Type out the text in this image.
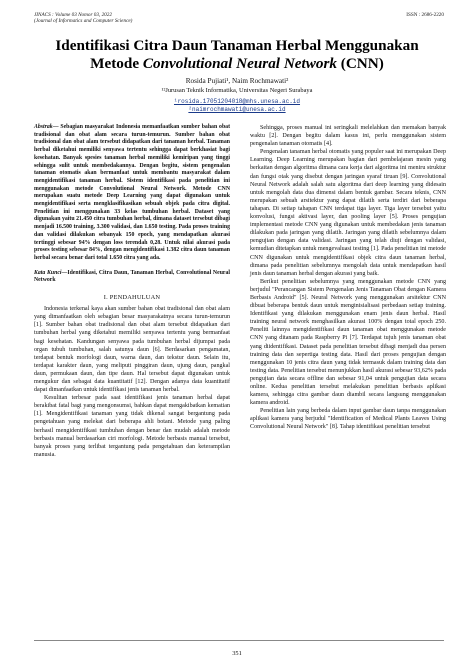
JINACS : Volume 03 Nomor 03, 2022
(Journal of Informatics and Computer Science)
ISSN : 2686-2220
Identifikasi Citra Daun Tanaman Herbal Menggunakan
Metode Convolutional Neural Network (CNN)
Rosida Pujiati¹, Naim Rochmawati²
¹²Jurusan Teknik Informatika, Universitas Negeri Surabaya
¹rosida.17051204018@mhs.unesa.ac.id
²naimrochmawati@unesa.ac.id
Abstrak— Sebagian masyarakat Indonesia memanfaatkan sumber bahan obat tradisional dan obat alam secara turun-temurun. Sumber bahan obat tradisional dan obat alam tersebut didapatkan dari tanaman herbal. Tanaman herbal diketahui memiliki senyawa tertentu sehingga dapat berkhasiat bagi kesehatan. Banyak spesies tanaman herbal memiliki kemiripan yang tinggi sehingga sulit untuk membedakannya. Dengan begitu, sistem pengenalan tanaman otomatis akan bermanfaat untuk membantu masyarakat dalam mengidentifikasi tanaman herbal. Sistem identifikasi pada penelitian ini menggunakan metode Convolutional Neural Network. Metode CNN merupakan suatu metode Deep Learning yang dapat digunakan untuk mengidentifikasi serta mengklasifikasikan sebuah objek pada citra digital. Penelitian ini menggunakan 33 kelas tumbuhan herbal. Dataset yang digunakan yaitu 21.450 citra tumbuhan herbal, dimana dataset tersebut dibagi menjadi 16.500 training, 3.300 validasi, dan 1.650 testing. Pada proses training dan validasi dilakukan sebanyak 150 epoch, yang mendapatkan akurasi tertinggi sebesar 94% dengan loss terendah 0,28. Untuk nilai akurasi pada proses testing sebesar 84%, dengan mengidentifikasi 1.382 citra daun tanaman herbal secara benar dari total 1.650 citra yang ada.
Kata Kunci—Identifikasi, Citra Daun, Tanaman Herbal, Convolutional Neural Network
I. PENDAHULUAN

Indonesia terkenal kaya akan sumber bahan obat tradisional dan obat alam yang dimanfaatkan oleh sebagian besar masyarakatnya secara turun-temurun [1]. Sumber bahan obat tradisional dan obat alam tersebut didapatkan dari tumbuhan herbal yang diketahui memiliki senyawa tertentu yang bermanfaat bagi kesehatan. Kandungan senyawa pada tumbuhan herbal dijumpai pada organ tubuh tumbuhan, salah satunya daun [6]. Berdasarkan pengamatan, terdapat bentuk morfologi daun, warna daun, dan tekstur daun. Selain itu, terdapat karakter daun, yang meliputi pinggiran daun, ujung daun, pangkal daun, permukaan daun, dan tipe daun. Hal tersebut dapat digunakan untuk mengukur dan sebagai data kuantitatif [12]. Dengan adanya data kuantitatif dapat dimanfaatkan untuk identifikasi jenis tanaman herbal.

Kesulitan terbesar pada saat identifikasi jenis tanaman herbal dapat berakibat fatal bagi yang mengonsumsi, bahkan dapat mengakibatkan kematian [1]. Mengidentifikasi tanaman yang tidak dikenal sangat bergantung pada pengetahuan yang melekat dari beberapa ahli botani. Metode yang paling berhasil mengidentifikasi tumbuhan dengan benar dan mudah adalah metode berbasis manual berdasarkan ciri morfologi. Metode berbasis manual tersebut, banyak proses yang terlibat tergantung pada pengetahuan dan keterampilan manusia.

Sehingga, proses manual ini seringkali melelahkan dan memakan banyak waktu [2]. Dengan begitu dalam kasus ini, perlu menggunakan sistem pengenalan tanaman otomatis [4].

Pengenalan tanaman herbal otomatis yang populer saat ini merupakan Deep Learning. Deep Learning merupakan bagian dari pembelajaran mesin yang berkaitan dengan algoritma dimana cara kerja dari algoritma ini meniru struktur dan fungsi otak yang disebut dengan jaringan syaraf tiruan [9]. Convolutional Neural Network adalah salah satu algoritma dari deep learning yang didesain untuk mengolah data dua dimensi dalam bentuk gambar. Secara teknis, CNN merupakan sebuah arsitektur yang dapat dilatih serta terdiri dari beberapa tahapan. Di setiap tahapan CNN terdapat tiga layer. Tiga layer tersebut yaitu konvolusi, fungsi aktivasi layer, dan pooling layer [5]. Proses pengujian implementasi metode CNN yang digunakan untuk membedakan jenis tanaman dilakukan pada jaringan yang dilatih. Jaringan yang dilatih sebelumnya dalam pengujian dengan data validasi. Jaringan yang telah diuji dengan validasi, kemudian ditetapkan untuk mengevaluasi testing [1]. Pada penelitian ini metode CNN digunakan untuk mengidentifikasi objek citra daun tanaman herbal, dimana pada penelitian sebelumnya mengolah data untuk mendapatkan hasil jenis daun tanaman herbal dengan akurasi yang baik.

Berikut penelitian sebelumnya yang menggunakan metode CNN yang berjudul "Perancangan Sistem Pengenalan Jenis Tanaman Obat dengan Kamera Berbasis Android" [5]. Neural Network yang menggunakan arsitektur CNN dibuat beberapa bentuk daun untuk menginisialisasi perbedaan setiap training. Identifikasi yang dilakukan menggunakan enam jenis daun herbal. Hasil training neural network menghasilkan akurasi 100% dengan total epoch 250. Peneliti lainnya mengidentifikasi daun tanaman obat menggunakan metode CNN yang ditanam pada Raspberry Pi [7]. Terdapat tujuh jenis tanaman obat yang diidentifikasi. Dataset pada penelitian tersebut dibagi menjadi dua persen training data dan sepertiga testing data. Hasil dari proses pengujian dengan menggunakan 10 jenis citra daun yang tidak termasuk dalam training data dan testing data. Penelitian tersebut menunjukkan hasil akurasi sebesar 93,62% pada pengujian data secara offline dan sebesar 91,04 untuk pengujian data secara online. Kedua penelitian tersebut melakukan penelitian berbasis aplikasi kamera, sehingga citra gambar daun diambil secara langsung menggunakan kamera android.

Penelitian lain yang berbeda dalam input gambar daun tanpa menggunakan aplikasi kamera yang berjudul "Identification of Medical Plants Leaves Using Convolutional Neural Network" [8]. Tahap identifikasi penelitian tersebut

351
